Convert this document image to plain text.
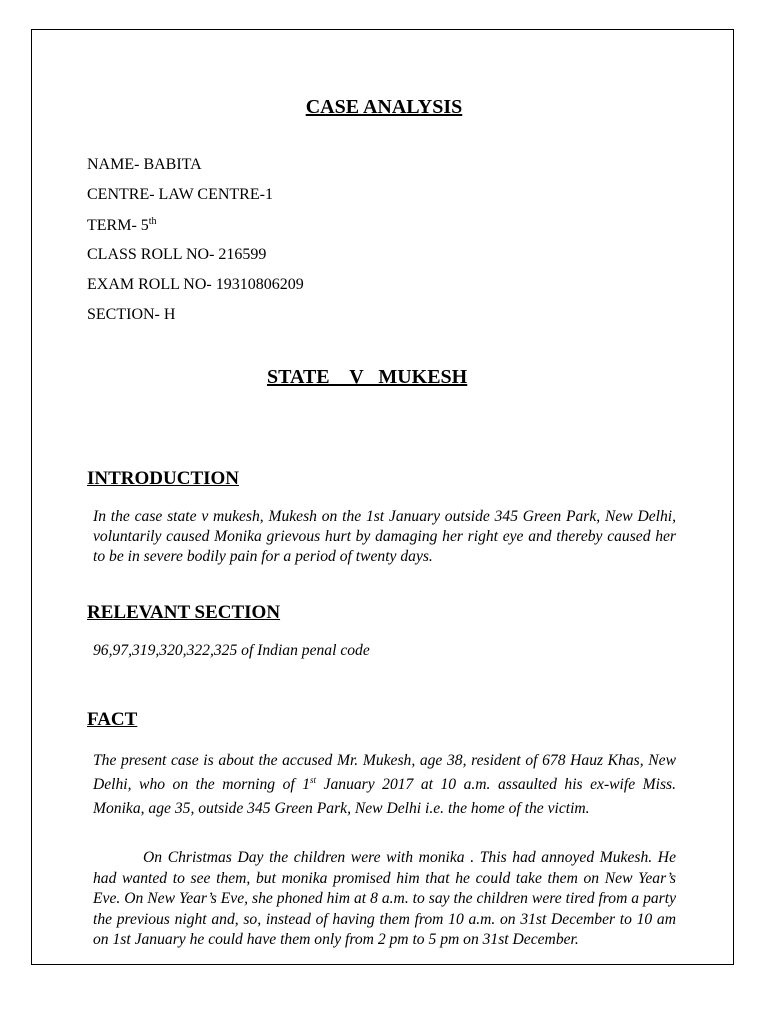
CASE ANALYSIS
NAME- BABITA
CENTRE- LAW CENTRE-1
TERM- 5th
CLASS ROLL NO- 216599
EXAM ROLL NO- 19310806209
SECTION- H
STATE    V   MUKESH
INTRODUCTION
In the case state v mukesh, Mukesh on the 1st January outside 345 Green Park, New Delhi, voluntarily caused Monika grievous hurt by damaging her right eye and thereby caused her to be in severe bodily pain for a period of twenty days.
RELEVANT SECTION
96,97,319,320,322,325 of Indian penal code
FACT
The present case is about the accused Mr. Mukesh, age 38, resident of 678 Hauz Khas, New Delhi, who on the morning of 1st January 2017 at 10 a.m. assaulted his ex-wife Miss. Monika, age 35, outside 345 Green Park, New Delhi i.e. the home of the victim.
On Christmas Day the children were with monika . This had annoyed Mukesh. He had wanted to see them, but monika promised him that he could take them on New Year’s Eve. On New Year’s Eve, she phoned him at 8 a.m. to say the children were tired from a party the previous night and, so, instead of having them from 10 a.m. on 31st December to 10 am on 1st January he could have them only from 2 pm to 5 pm on 31st December.
